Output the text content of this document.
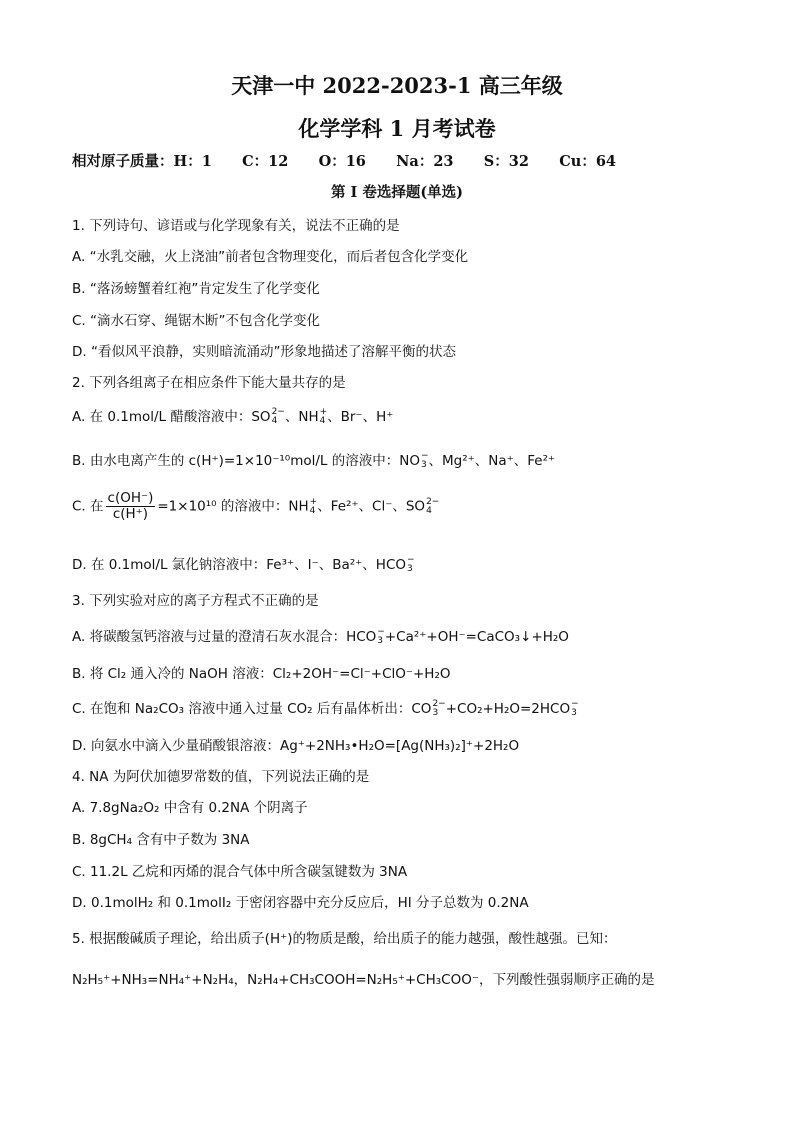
天津一中 2022-2023-1 高三年级
化学学科 1 月考试卷
相对原子质量：H：1      C：12      O：16      Na：23      S：32      Cu：64
第 I 卷选择题(单选)
1. 下列诗句、谚语或与化学现象有关，说法不正确的是
A. “水乳交融，火上浇油”前者包含物理变化，而后者包含化学变化
B. “落汤螃蟹着红袍”肯定发生了化学变化
C. “滴水石穿、绳锯木断”不包含化学变化
D. “看似风平浪静，实则暗流涌动”形象地描述了溶解平衡的状态
2. 下列各组离子在相应条件下能大量共存的是
A. 在 0.1mol/L 醋酸溶液中：SO 2−
4 、NH +
4 、Br⁻、H⁺
B. 由水电离产生的 c(H⁺)=1×10⁻¹⁰mol/L 的溶液中：NO −
3 、Mg²⁺、Na⁺、Fe²⁺
C. 在 $\frac{c(OH^-)}{c(H^+)} =1\times 10^{10}$ 的溶液中：NH +
4 、Fe²⁺、Cl⁻、SO 2−
4
D. 在 0.1mol/L 氯化钠溶液中：Fe³⁺、I⁻、Ba²⁺、HCO −
3
3. 下列实验对应的离子方程式不正确的是
A. 将碳酸氢钙溶液与过量的澄清石灰水混合：HCO −
3 +Ca²⁺+OH⁻=CaCO₃↓+H₂O
B. 将 Cl₂ 通入冷的 NaOH 溶液：Cl₂+2OH⁻=Cl⁻+ClO⁻+H₂O
C. 在饱和 Na₂CO₃ 溶液中通入过量 CO₂ 后有晶体析出：CO 2−
3 +CO₂+H₂O=2HCO −
3
D. 向氨水中滴入少量硝酸银溶液：Ag⁺+2NH₃•H₂O=[Ag(NH₃)₂]⁺+2H₂O
4. NA 为阿伏加德罗常数的值，下列说法正确的是
A. 7.8gNa₂O₂ 中含有 0.2NA 个阴离子
B. 8gCH₄ 含有中子数为 3NA
C. 11.2L 乙烷和丙烯的混合气体中所含碳氢键数为 3NA
D. 0.1molH₂ 和 0.1molI₂ 于密闭容器中充分反应后，HI 分子总数为 0.2NA
5. 根据酸碱质子理论，给出质子(H⁺)的物质是酸，给出质子的能力越强，酸性越强。已知：
N₂H₅⁺+NH₃=NH₄⁺+N₂H₄，N₂H₄+CH₃COOH=N₂H₅⁺+CH₃COO⁻，下列酸性强弱顺序正确的是
